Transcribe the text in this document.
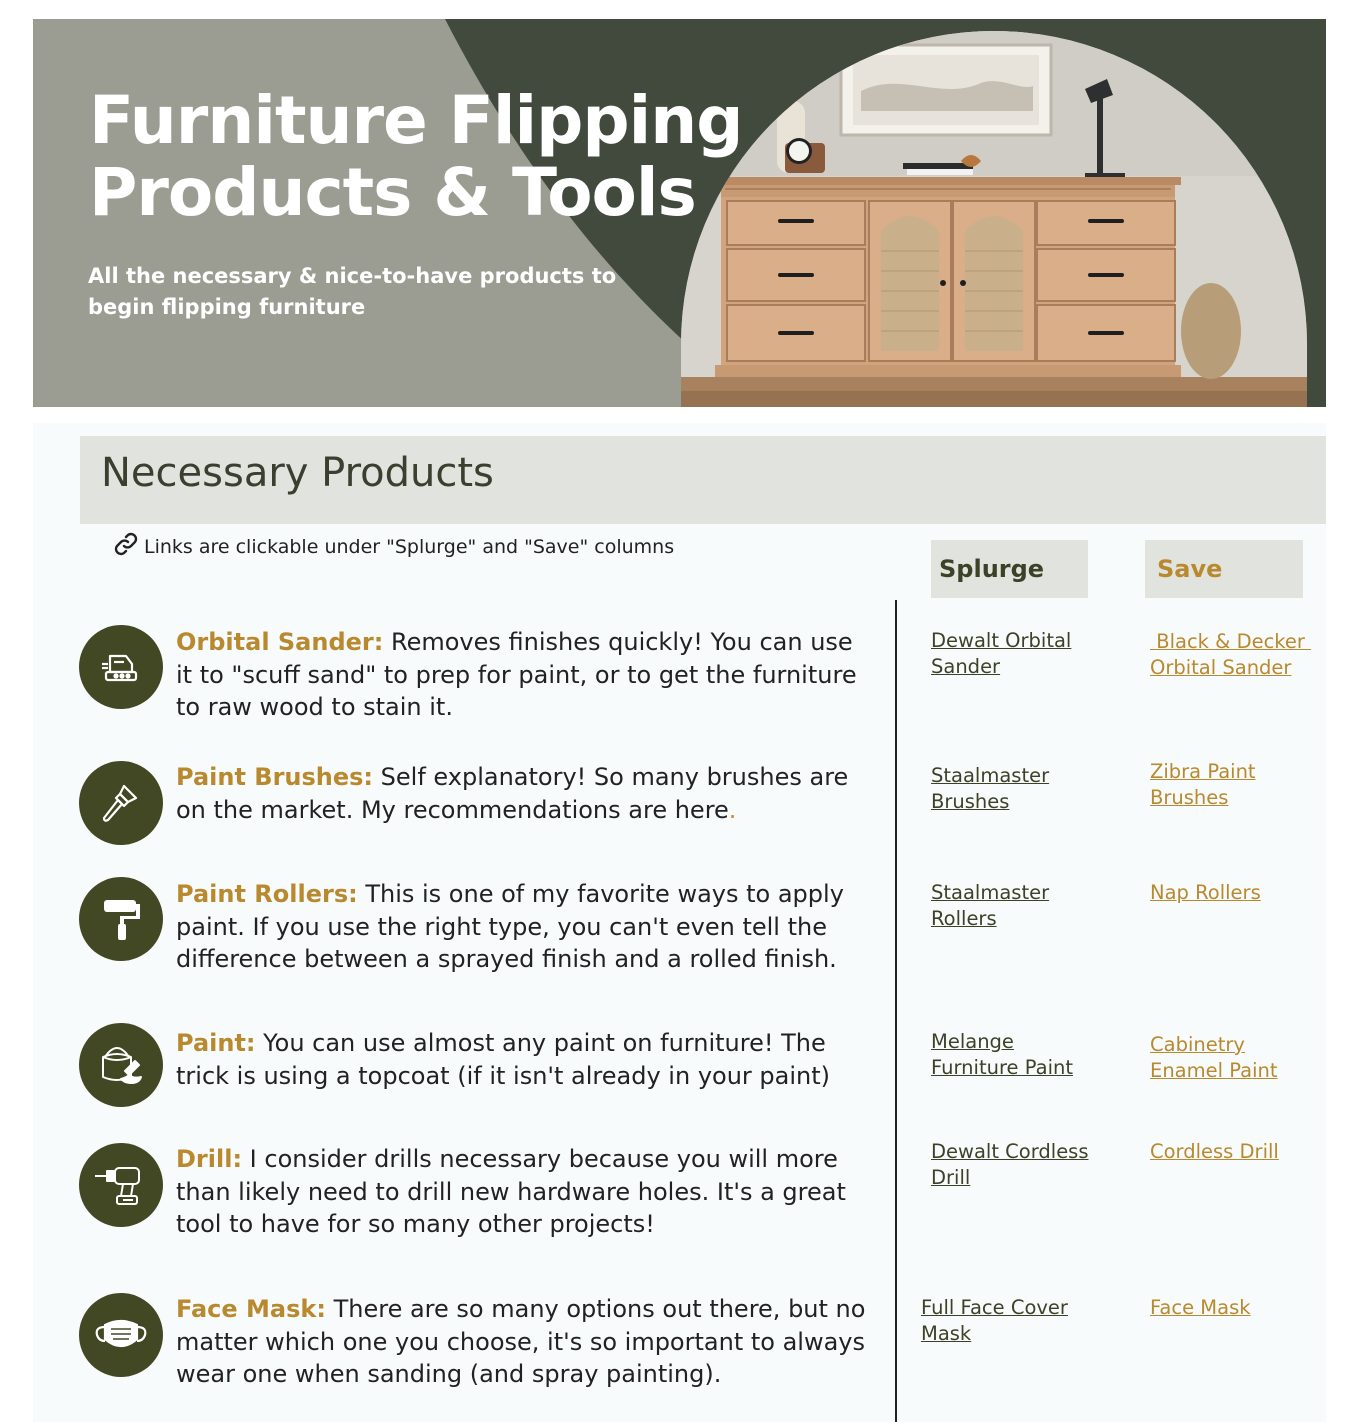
Furniture Flipping
Products & Tools
All the necessary & nice-to-have products to begin flipping furniture
Necessary Products
Links are clickable under "Splurge" and "Save" columns
Splurge	Save
Orbital Sander: Removes finishes quickly! You can use it to "scuff sand" to prep for paint, or to get the furniture to raw wood to stain it.
Dewalt Orbital Sander
Black & Decker Orbital Sander
Paint Brushes: Self explanatory! So many brushes are on the market. My recommendations are here.
Staalmaster Brushes
Zibra Paint Brushes
Paint Rollers: This is one of my favorite ways to apply paint. If you use the right type, you can't even tell the difference between a sprayed finish and a rolled finish.
Staalmaster Rollers
Nap Rollers
Paint: You can use almost any paint on furniture! The trick is using a topcoat (if it isn't already in your paint)
Melange Furniture Paint
Cabinetry Enamel Paint
Drill: I consider drills necessary because you will more than likely need to drill new hardware holes. It's a great tool to have for so many other projects!
Dewalt Cordless Drill
Cordless Drill
Face Mask: There are so many options out there, but no matter which one you choose, it's so important to always wear one when sanding (and spray painting).
Full Face Cover Mask
Face Mask
